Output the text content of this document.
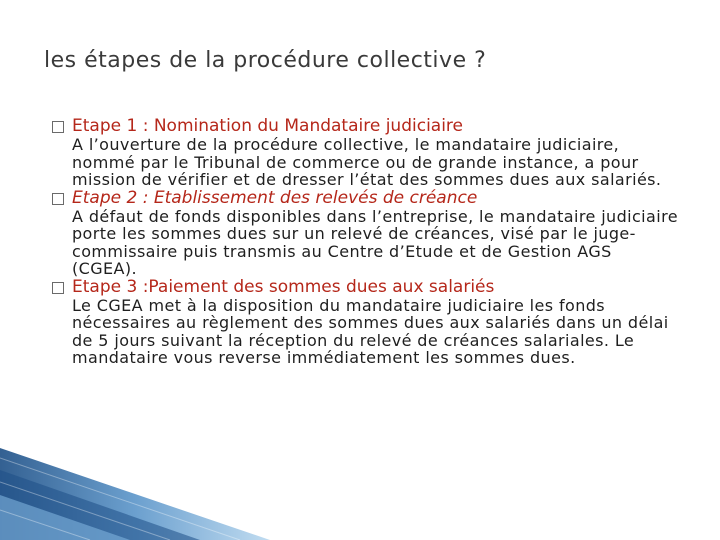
les étapes de la procédure collective ?
Etape 1 : Nomination du Mandataire judiciaire
A l’ouverture de la procédure collective, le mandataire judiciaire, nommé par le Tribunal de commerce ou de grande instance, a pour mission de vérifier et de dresser l’état des sommes dues aux salariés.
Etape 2 : Etablissement des relevés de créance
A défaut de fonds disponibles dans l’entreprise, le mandataire judiciaire porte les sommes dues sur un relevé de créances, visé par le juge-commissaire puis transmis au Centre d’Etude et de Gestion AGS (CGEA).
Etape 3 :Paiement des sommes dues aux salariés
Le CGEA met à la disposition du mandataire judiciaire les fonds nécessaires au règlement des sommes dues aux salariés dans un délai de 5 jours suivant la réception du relevé de créances salariales. Le mandataire vous reverse immédiatement les sommes dues.
